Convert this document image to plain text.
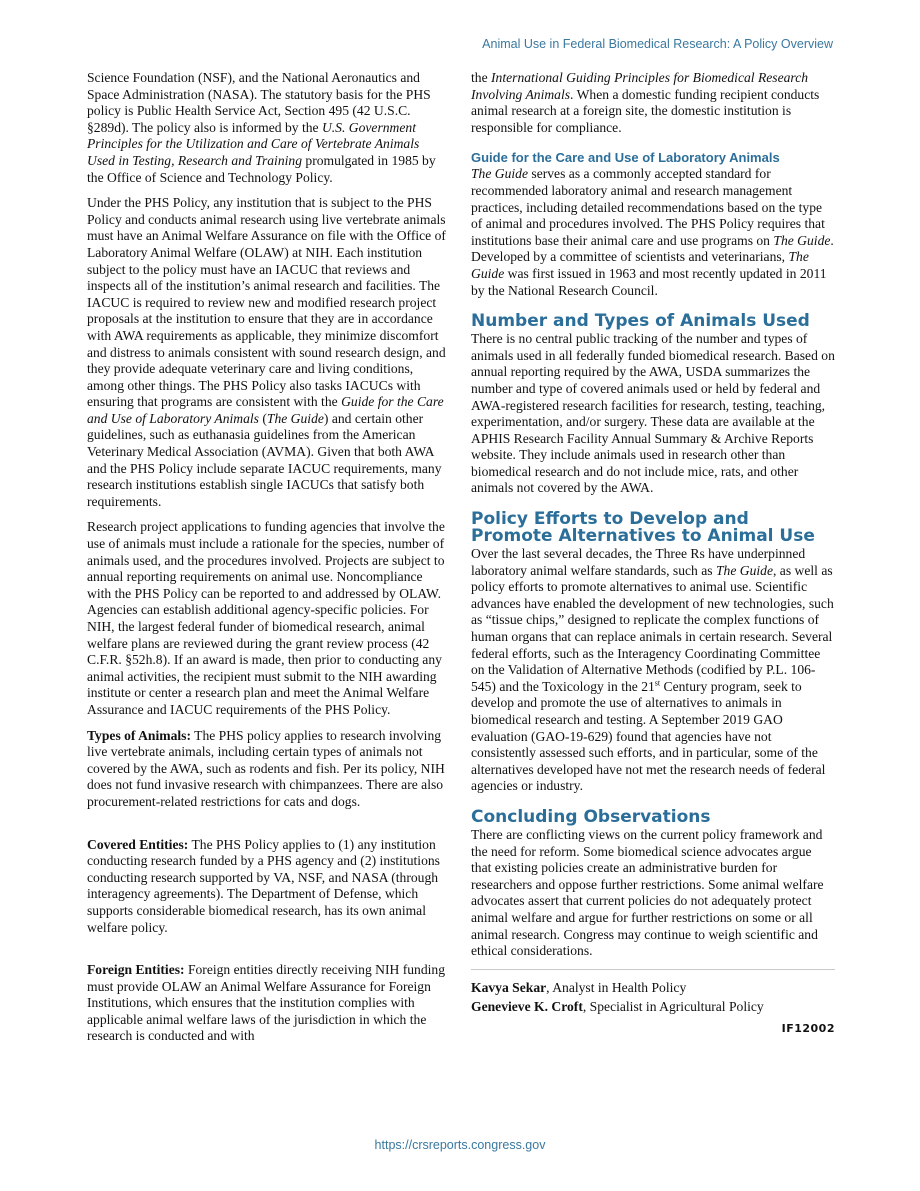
Animal Use in Federal Biomedical Research: A Policy Overview

Science Foundation (NSF), and the National Aeronautics and Space Administration (NASA). The statutory basis for the PHS policy is Public Health Service Act, Section 495 (42 U.S.C. §289d). The policy also is informed by the U.S. Government Principles for the Utilization and Care of Vertebrate Animals Used in Testing, Research and Training promulgated in 1985 by the Office of Science and Technology Policy.

Under the PHS Policy, any institution that is subject to the PHS Policy and conducts animal research using live vertebrate animals must have an Animal Welfare Assurance on file with the Office of Laboratory Animal Welfare (OLAW) at NIH. Each institution subject to the policy must have an IACUC that reviews and inspects all of the institution’s animal research and facilities. The IACUC is required to review new and modified research project proposals at the institution to ensure that they are in accordance with AWA requirements as applicable, they minimize discomfort and distress to animals consistent with sound research design, and they provide adequate veterinary care and living conditions, among other things. The PHS Policy also tasks IACUCs with ensuring that programs are consistent with the Guide for the Care and Use of Laboratory Animals (The Guide) and certain other guidelines, such as euthanasia guidelines from the American Veterinary Medical Association (AVMA). Given that both AWA and the PHS Policy include separate IACUC requirements, many research institutions establish single IACUCs that satisfy both requirements.

Research project applications to funding agencies that involve the use of animals must include a rationale for the species, number of animals used, and the procedures involved. Projects are subject to annual reporting requirements on animal use. Noncompliance with the PHS Policy can be reported to and addressed by OLAW. Agencies can establish additional agency-specific policies. For NIH, the largest federal funder of biomedical research, animal welfare plans are reviewed during the grant review process (42 C.F.R. §52h.8). If an award is made, then prior to conducting any animal activities, the recipient must submit to the NIH awarding institute or center a research plan and meet the Animal Welfare Assurance and IACUC requirements of the PHS Policy.

Types of Animals: The PHS policy applies to research involving live vertebrate animals, including certain types of animals not covered by the AWA, such as rodents and fish. Per its policy, NIH does not fund invasive research with chimpanzees. There are also procurement-related restrictions for cats and dogs.

Covered Entities: The PHS Policy applies to (1) any institution conducting research funded by a PHS agency and (2) institutions conducting research supported by VA, NSF, and NASA (through interagency agreements). The Department of Defense, which supports considerable biomedical research, has its own animal welfare policy.

Foreign Entities: Foreign entities directly receiving NIH funding must provide OLAW an Animal Welfare Assurance for Foreign Institutions, which ensures that the institution complies with applicable animal welfare laws of the jurisdiction in which the research is conducted and with

the International Guiding Principles for Biomedical Research Involving Animals. When a domestic funding recipient conducts animal research at a foreign site, the domestic institution is responsible for compliance.

Guide for the Care and Use of Laboratory Animals

The Guide serves as a commonly accepted standard for recommended laboratory animal and research management practices, including detailed recommendations based on the type of animal and procedures involved. The PHS Policy requires that institutions base their animal care and use programs on The Guide. Developed by a committee of scientists and veterinarians, The Guide was first issued in 1963 and most recently updated in 2011 by the National Research Council.

Number and Types of Animals Used

There is no central public tracking of the number and types of animals used in all federally funded biomedical research. Based on annual reporting required by the AWA, USDA summarizes the number and type of covered animals used or held by federal and AWA-registered research facilities for research, testing, teaching, experimentation, and/or surgery. These data are available at the APHIS Research Facility Annual Summary & Archive Reports website. They include animals used in research other than biomedical research and do not include mice, rats, and other animals not covered by the AWA.

Policy Efforts to Develop and Promote Alternatives to Animal Use

Over the last several decades, the Three Rs have underpinned laboratory animal welfare standards, such as The Guide, as well as policy efforts to promote alternatives to animal use. Scientific advances have enabled the development of new technologies, such as “tissue chips,” designed to replicate the complex functions of human organs that can replace animals in certain research. Several federal efforts, such as the Interagency Coordinating Committee on the Validation of Alternative Methods (codified by P.L. 106-545) and the Toxicology in the 21st Century program, seek to develop and promote the use of alternatives to animals in biomedical research and testing. A September 2019 GAO evaluation (GAO-19-629) found that agencies have not consistently assessed such efforts, and in particular, some of the alternatives developed have not met the research needs of federal agencies or industry.

Concluding Observations

There are conflicting views on the current policy framework and the need for reform. Some biomedical science advocates argue that existing policies create an administrative burden for researchers and oppose further restrictions. Some animal welfare advocates assert that current policies do not adequately protect animal welfare and argue for further restrictions on some or all animal research. Congress may continue to weigh scientific and ethical considerations.

Kavya Sekar, Analyst in Health Policy

Genevieve K. Croft, Specialist in Agricultural Policy

IF12002
https://crsreports.congress.gov
